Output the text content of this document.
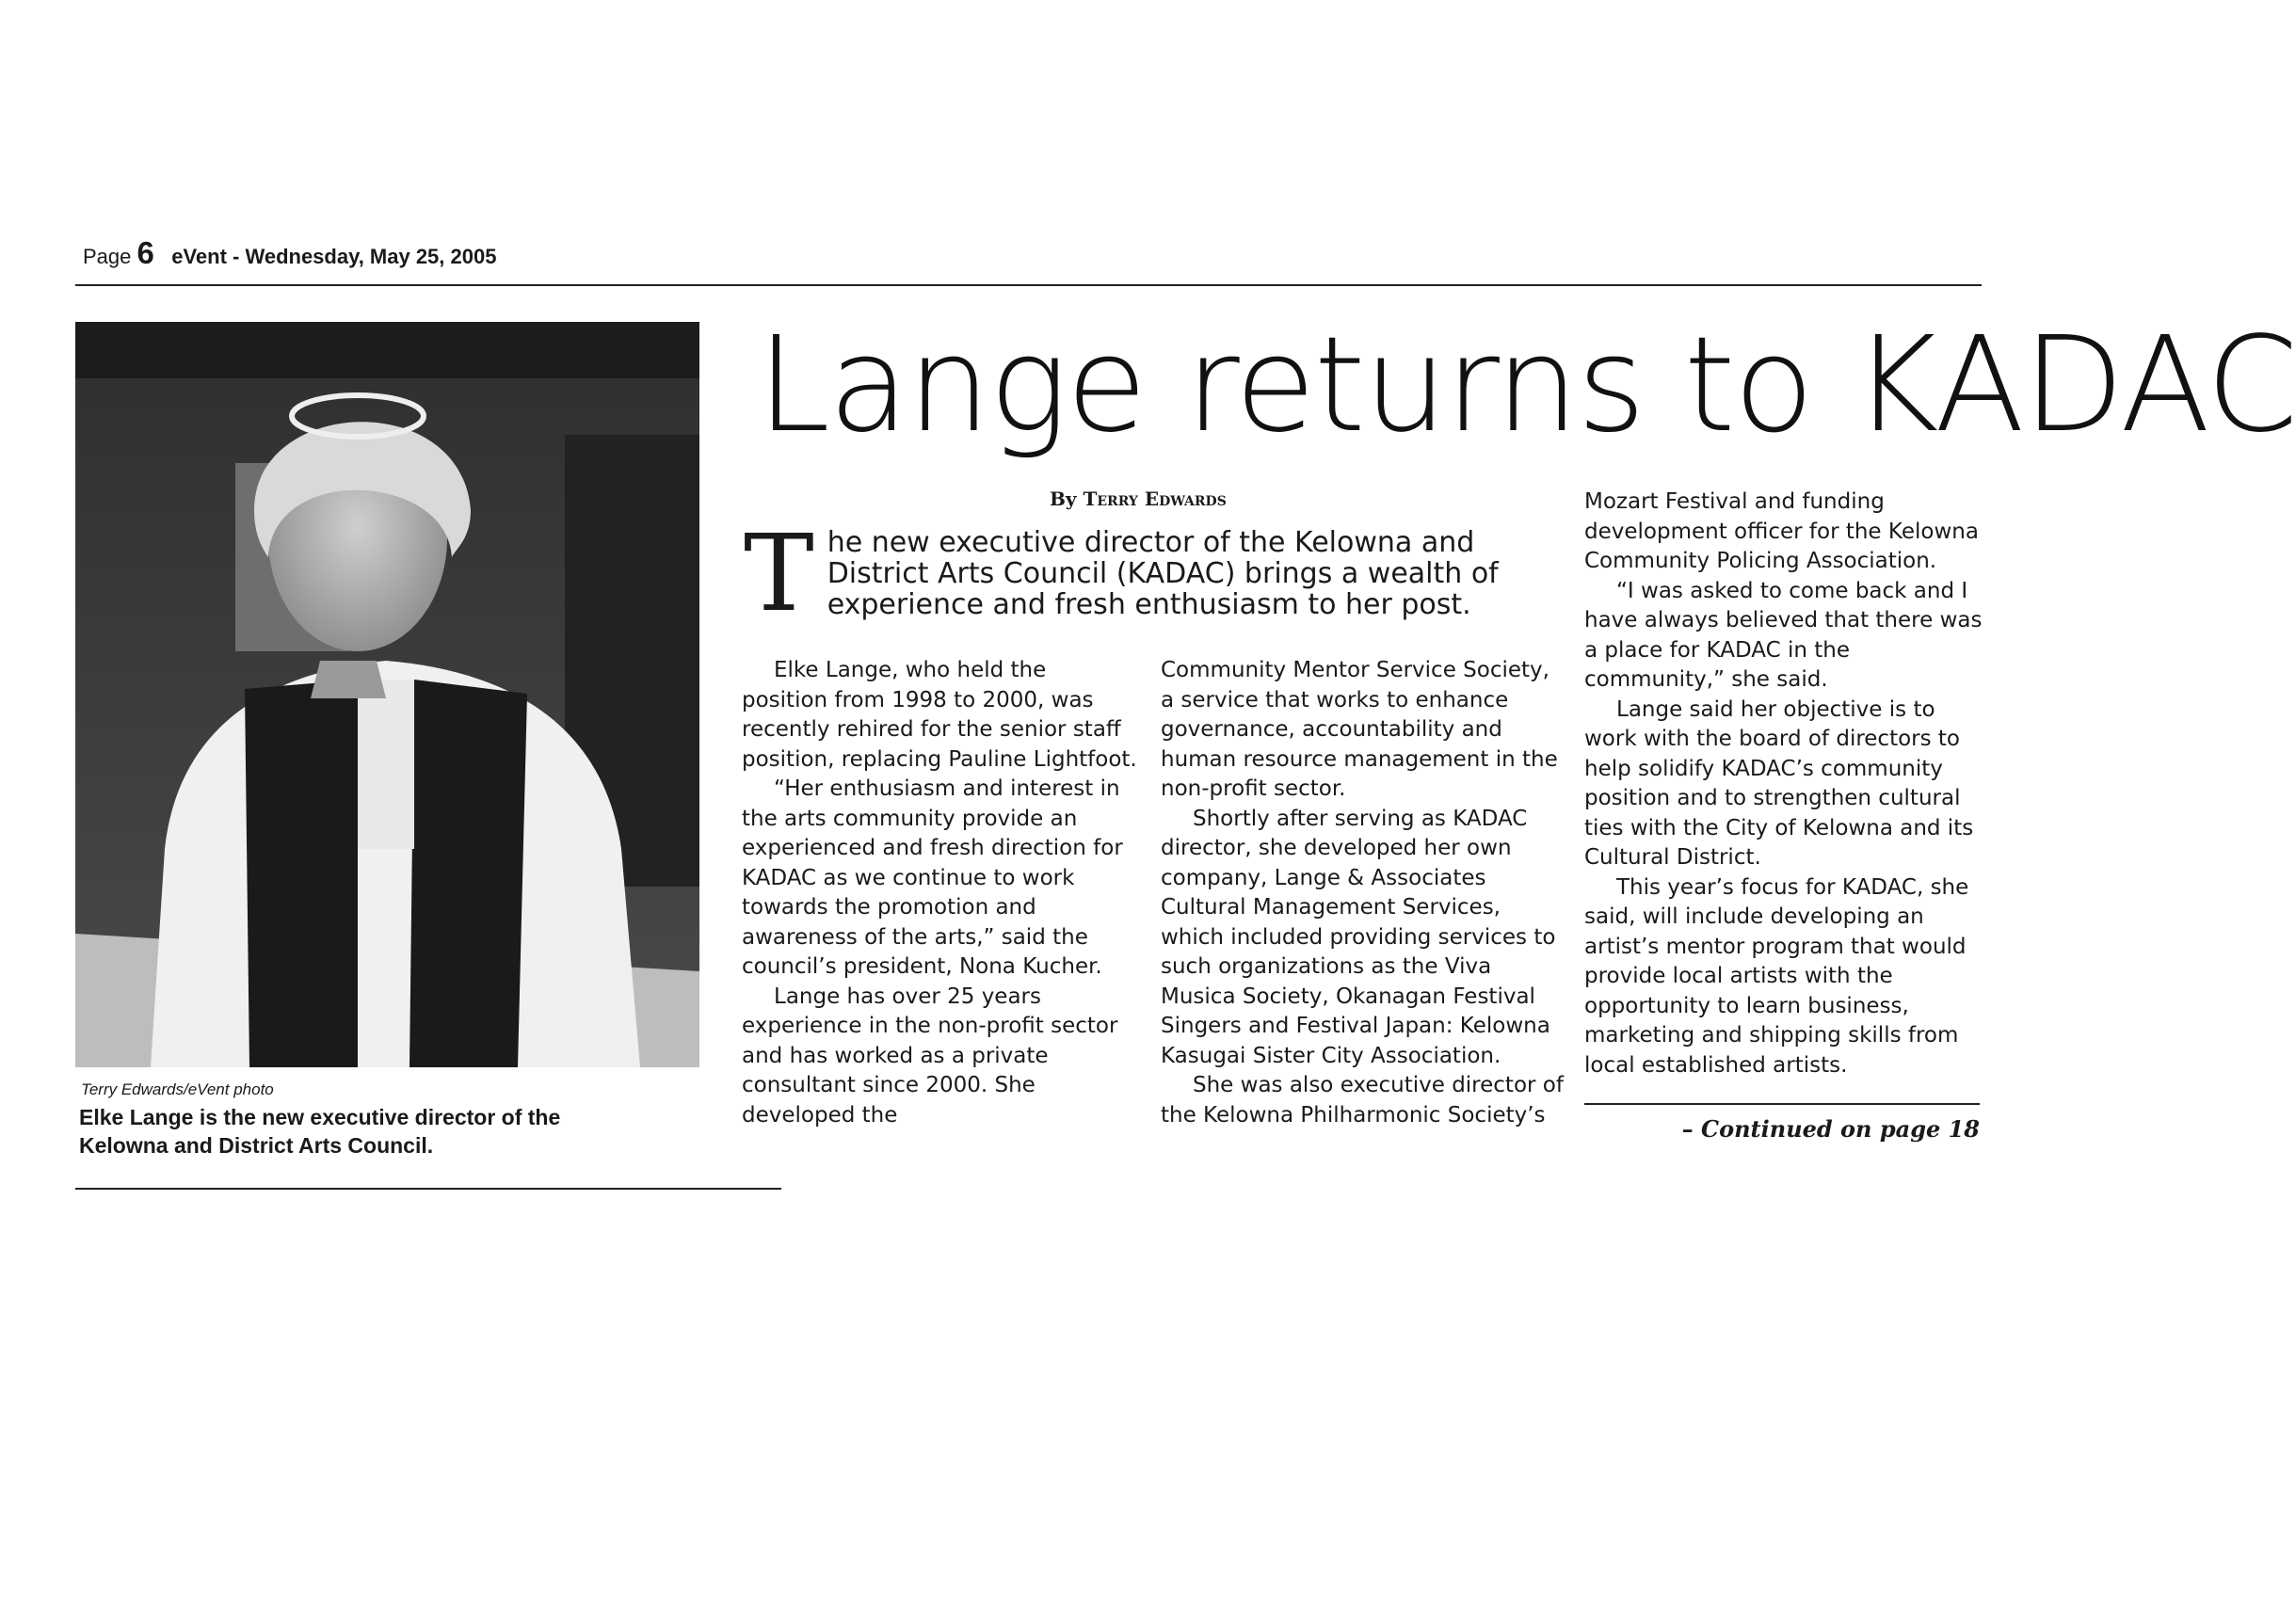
Page 6 eVent - Wednesday, May 25, 2005
Terry Edwards/eVent photo
Elke Lange is the new executive director of the Kelowna and District Arts Council.
Lange returns to KADAC
By Terry Edwards
T he new executive director of the Kelowna and District Arts Council (KADAC) brings a wealth of experience and fresh enthusiasm to her post.

Elke Lange, who held the position from 1998 to 2000, was recently rehired for the senior staff position, replacing Pauline Lightfoot.

“Her enthusiasm and interest in the arts community provide an experienced and fresh direction for KADAC as we continue to work towards the promotion and awareness of the arts,” said the council’s president, Nona Kucher.

Lange has over 25 years experience in the non-profit sector and has worked as a private consultant since 2000. She developed the

Community Mentor Service Society, a service that works to enhance governance, accountability and human resource management in the non-profit sector.

Shortly after serving as KADAC director, she developed her own company, Lange & Associates Cultural Management Services, which included providing services to such organizations as the Viva Musica Society, Okanagan Festival Singers and Festival Japan: Kelowna Kasugai Sister City Association.

She was also executive director of the Kelowna Philharmonic Society’s

Mozart Festival and funding development officer for the Kelowna Community Policing Association.

“I was asked to come back and I have always believed that there was a place for KADAC in the community,” she said.

Lange said her objective is to work with the board of directors to help solidify KADAC’s community position and to strengthen cultural ties with the City of Kelowna and its Cultural District.

This year’s focus for KADAC, she said, will include developing an artist’s mentor program that would provide local artists with the opportunity to learn business, marketing and shipping skills from local established artists.

– Continued on page 18
